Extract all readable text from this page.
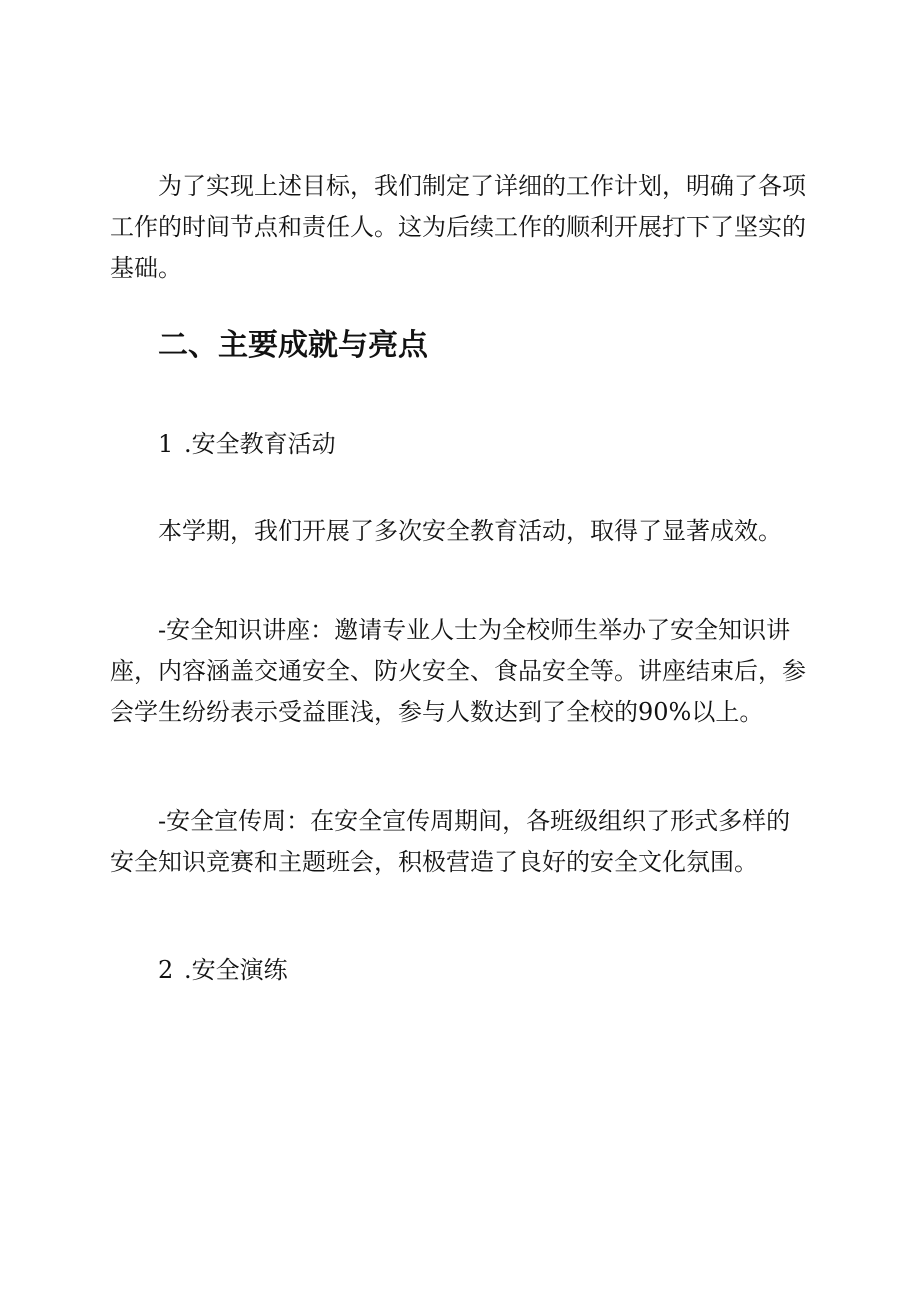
为了实现上述目标，我们制定了详细的工作计划，明确了各项工作的时间节点和责任人。这为后续工作的顺利开展打下了坚实的基础。

二、主要成就与亮点
1 .安全教育活动

本学期，我们开展了多次安全教育活动，取得了显著成效。

-安全知识讲座：邀请专业人士为全校师生举办了安全知识讲座，内容涵盖交通安全、防火安全、食品安全等。讲座结束后，参会学生纷纷表示受益匪浅，参与人数达到了全校的90%以上。

-安全宣传周：在安全宣传周期间，各班级组织了形式多样的安全知识竞赛和主题班会，积极营造了良好的安全文化氛围。

2 .安全演练
